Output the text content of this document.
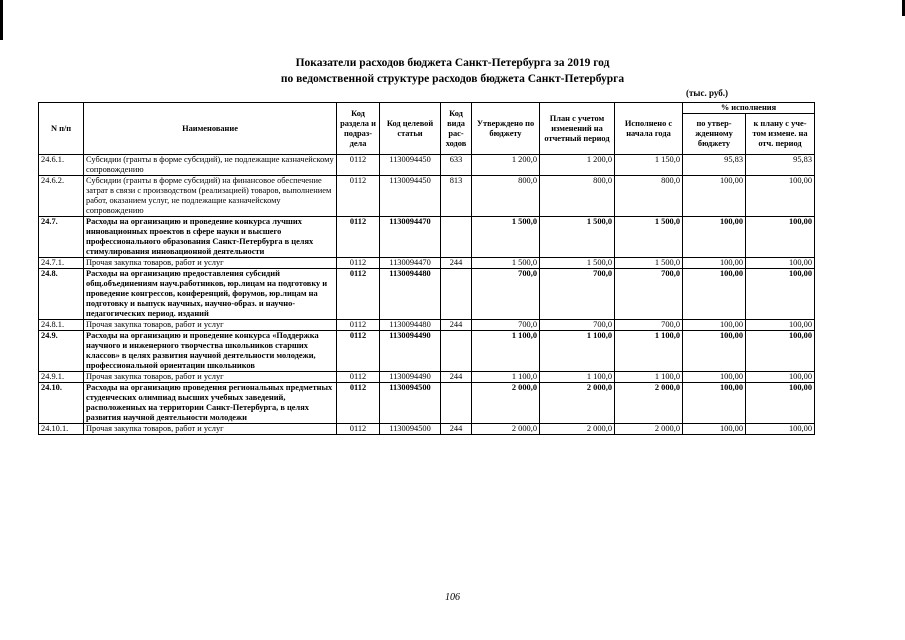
Показатели расходов бюджета Санкт-Петербурга за 2019 год
по ведомственной структуре расходов бюджета Санкт-Петербурга
(тыс. руб.)
N п/п	Наименование	Код раздела и подраз-дела	Код целевой статьи	Код вида рас-ходов	Утверждено по бюджету	План с учетом изменений на отчетный период	Исполнено с начала года	% исполнения	
								по утвер-жденному бюджету	к плану с уче-том измене. на отч. период
24.6.1.	Субсидии (гранты в форме субсидий), не подлежащие казначейскому сопровождению	0112	1130094450	633	1 200,0	1 200,0	1 150,0	95,83	95,83
24.6.2.	Субсидии (гранты в форме субсидий) на финансовое обеспечение затрат в связи с производством (реализацией) товаров, выполнением работ, оказанием услуг, не подлежащие казначейскому сопровождению	0112	1130094450	813	800,0	800,0	800,0	100,00	100,00
24.7.	Расходы на организацию и проведение конкурса лучших инновационных проектов в сфере науки и высшего профессионального образования Санкт-Петербурга в целях стимулирования инновационной деятельности	0112	1130094470		1 500,0	1 500,0	1 500,0	100,00	100,00
24.7.1.	Прочая закупка товаров, работ и услуг	0112	1130094470	244	1 500,0	1 500,0	1 500,0	100,00	100,00
24.8.	Расходы на организацию предоставления субсидий общ.объединениям науч.работников, юр.лицам на подготовку и проведение конгрессов, конференций, форумов, юр.лицам на подготовку и выпуск научных, научно-образ. и научно-педагогических период. изданий	0112	1130094480		700,0	700,0	700,0	100,00	100,00
24.8.1.	Прочая закупка товаров, работ и услуг	0112	1130094480	244	700,0	700,0	700,0	100,00	100,00
24.9.	Расходы на организацию и проведение конкурса «Поддержка научного и инженерного творчества школьников старших классов» в целях развития научной деятельности молодежи, профессиональной ориентации школьников	0112	1130094490		1 100,0	1 100,0	1 100,0	100,00	100,00
24.9.1.	Прочая закупка товаров, работ и услуг	0112	1130094490	244	1 100,0	1 100,0	1 100,0	100,00	100,00
24.10.	Расходы на организацию проведения региональных предметных студенческих олимпиад высших учебных заведений, расположенных на территории Санкт-Петербурга, в целях развития научной деятельности молодежи	0112	1130094500		2 000,0	2 000,0	2 000,0	100,00	100,00
24.10.1.	Прочая закупка товаров, работ и услуг	0112	1130094500	244	2 000,0	2 000,0	2 000,0	100,00	100,00
106
